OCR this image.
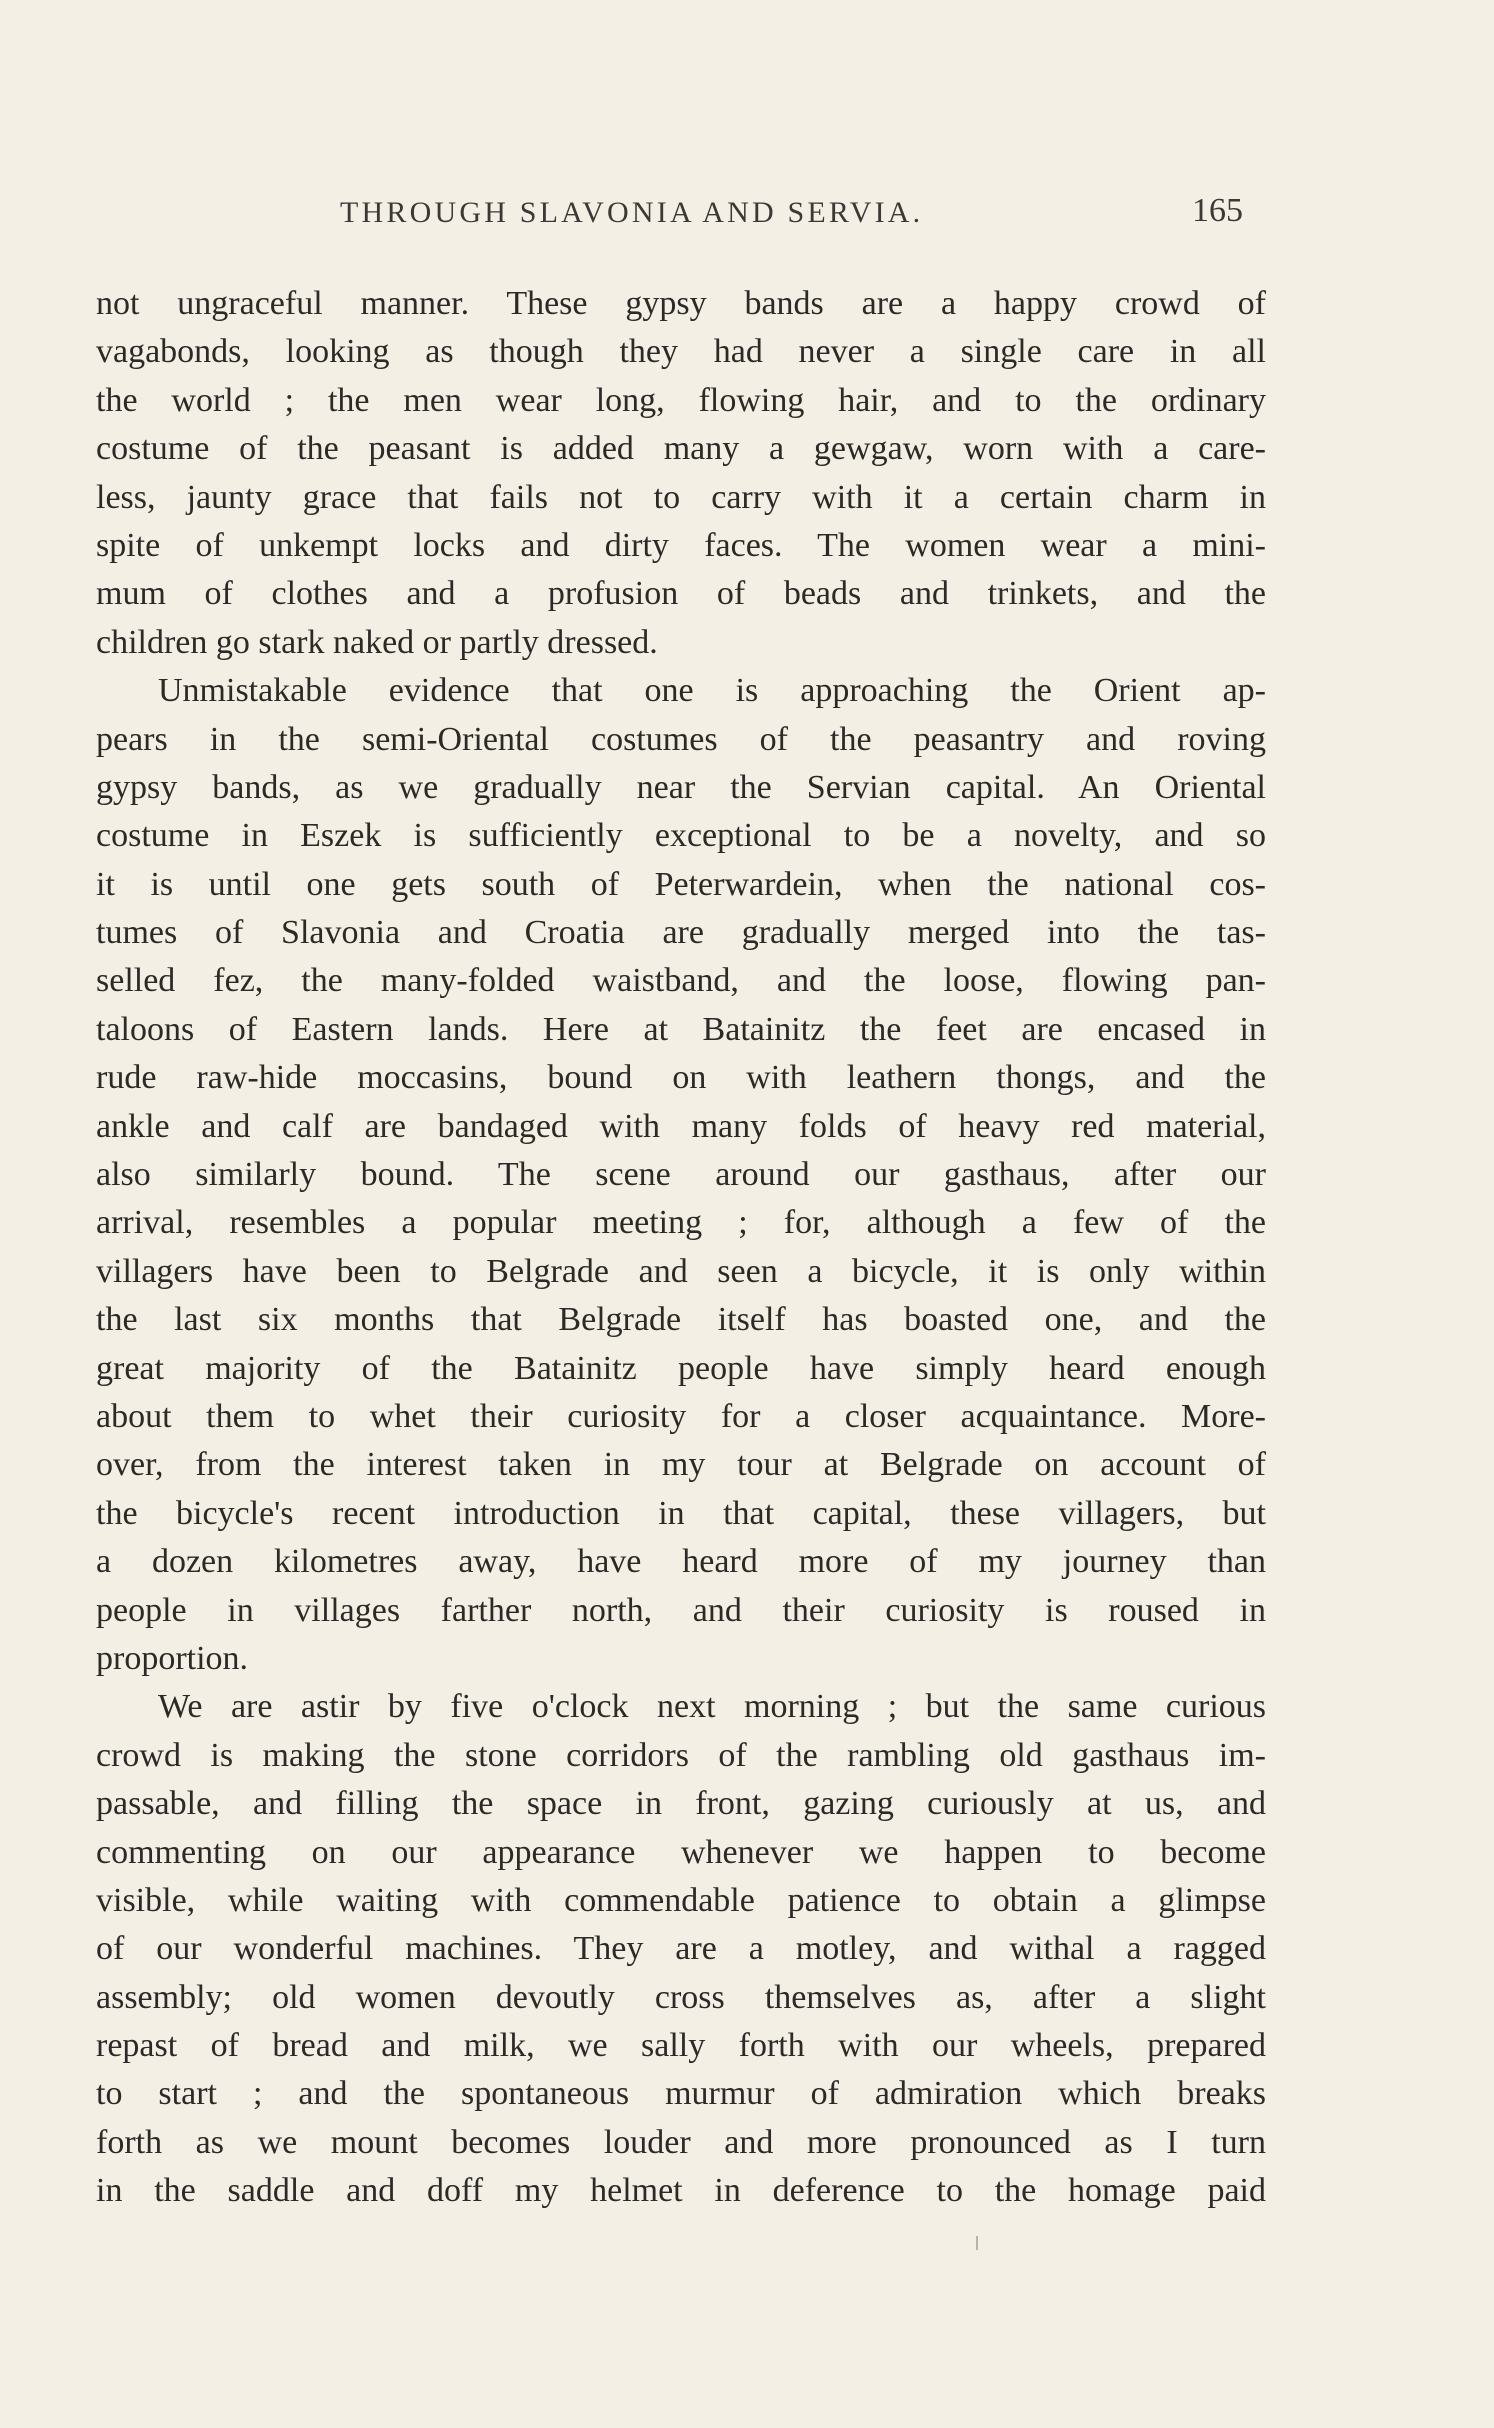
THROUGH SLAVONIA AND SERVIA.	165
not ungraceful manner. These gypsy bands are a happy crowd of
vagabonds, looking as though they had never a single care in all
the world ; the men wear long, flowing hair, and to the ordinary
costume of the peasant is added many a gewgaw, worn with a care-
less, jaunty grace that fails not to carry with it a certain charm in
spite of unkempt locks and dirty faces. The women wear a mini-
mum of clothes and a profusion of beads and trinkets, and the
children go stark naked or partly dressed.
Unmistakable evidence that one is approaching the Orient ap-
pears in the semi-Oriental costumes of the peasantry and roving
gypsy bands, as we gradually near the Servian capital. An Oriental
costume in Eszek is sufficiently exceptional to be a novelty, and so
it is until one gets south of Peterwardein, when the national cos-
tumes of Slavonia and Croatia are gradually merged into the tas-
selled fez, the many-folded waistband, and the loose, flowing pan-
taloons of Eastern lands. Here at Batainitz the feet are encased in
rude raw-hide moccasins, bound on with leathern thongs, and the
ankle and calf are bandaged with many folds of heavy red material,
also similarly bound. The scene around our gasthaus, after our
arrival, resembles a popular meeting ; for, although a few of the
villagers have been to Belgrade and seen a bicycle, it is only within
the last six months that Belgrade itself has boasted one, and the
great majority of the Batainitz people have simply heard enough
about them to whet their curiosity for a closer acquaintance. More-
over, from the interest taken in my tour at Belgrade on account of
the bicycle's recent introduction in that capital, these villagers, but
a dozen kilometres away, have heard more of my journey than
people in villages farther north, and their curiosity is roused in
proportion.
We are astir by five o'clock next morning ; but the same curious
crowd is making the stone corridors of the rambling old gasthaus im-
passable, and filling the space in front, gazing curiously at us, and
commenting on our appearance whenever we happen to become
visible, while waiting with commendable patience to obtain a glimpse
of our wonderful machines. They are a motley, and withal a ragged
assembly; old women devoutly cross themselves as, after a slight
repast of bread and milk, we sally forth with our wheels, prepared
to start ; and the spontaneous murmur of admiration which breaks
forth as we mount becomes louder and more pronounced as I turn
in the saddle and doff my helmet in deference to the homage paid
